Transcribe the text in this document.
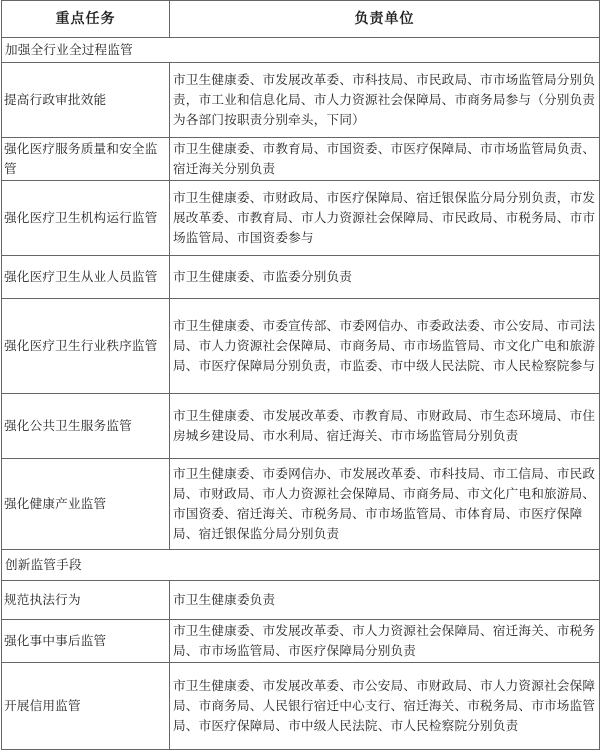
重点任务	负责单位
加强全行业全过程监管	
提高行政审批效能	市卫生健康委、市发展改革委、市科技局、市民政局、市市场监管局分别负责，市工业和信息化局、市人力资源社会保障局、市商务局参与（分别负责为各部门按职责分别牵头，下同）
强化医疗服务质量和安全监管	市卫生健康委、市教育局、市国资委、市医疗保障局、市市场监管局负责、宿迁海关分别负责
强化医疗卫生机构运行监管	市卫生健康委、市财政局、市医疗保障局、宿迁银保监分局分别负责，市发展改革委、市教育局、市人力资源社会保障局、市民政局、市税务局、市市场监管局、市国资委参与
强化医疗卫生从业人员监管	市卫生健康委、市监委分别负责
强化医疗卫生行业秩序监管	市卫生健康委、市委宣传部、市委网信办、市委政法委、市公安局、市司法局、市人力资源社会保障局、市商务局、市市场监管局、市文化广电和旅游局、市医疗保障局分别负责，市监委、市中级人民法院、市人民检察院参与
强化公共卫生服务监管	市卫生健康委、市发展改革委、市教育局、市财政局、市生态环境局、市住房城乡建设局、市水利局、宿迁海关、市市场监管局分别负责
强化健康产业监管	市卫生健康委、市委网信办、市发展改革委、市科技局、市工信局、市民政局、市财政局、市人力资源社会保障局、市商务局、市文化广电和旅游局、市国资委、宿迁海关、市税务局、市市场监管局、市体育局、市医疗保障局、宿迁银保监分局分别负责
创新监管手段	
规范执法行为	市卫生健康委负责
强化事中事后监管	市卫生健康委、市发展改革委、市人力资源社会保障局、宿迁海关、市税务局、市市场监管局、市医疗保障局分别负责
开展信用监管	市卫生健康委、市发展改革委、市公安局、市财政局、市人力资源社会保障局、市商务局、人民银行宿迁中心支行、宿迁海关、市税务局、市市场监管局、市医疗保障局、市中级人民法院、市人民检察院分别负责
